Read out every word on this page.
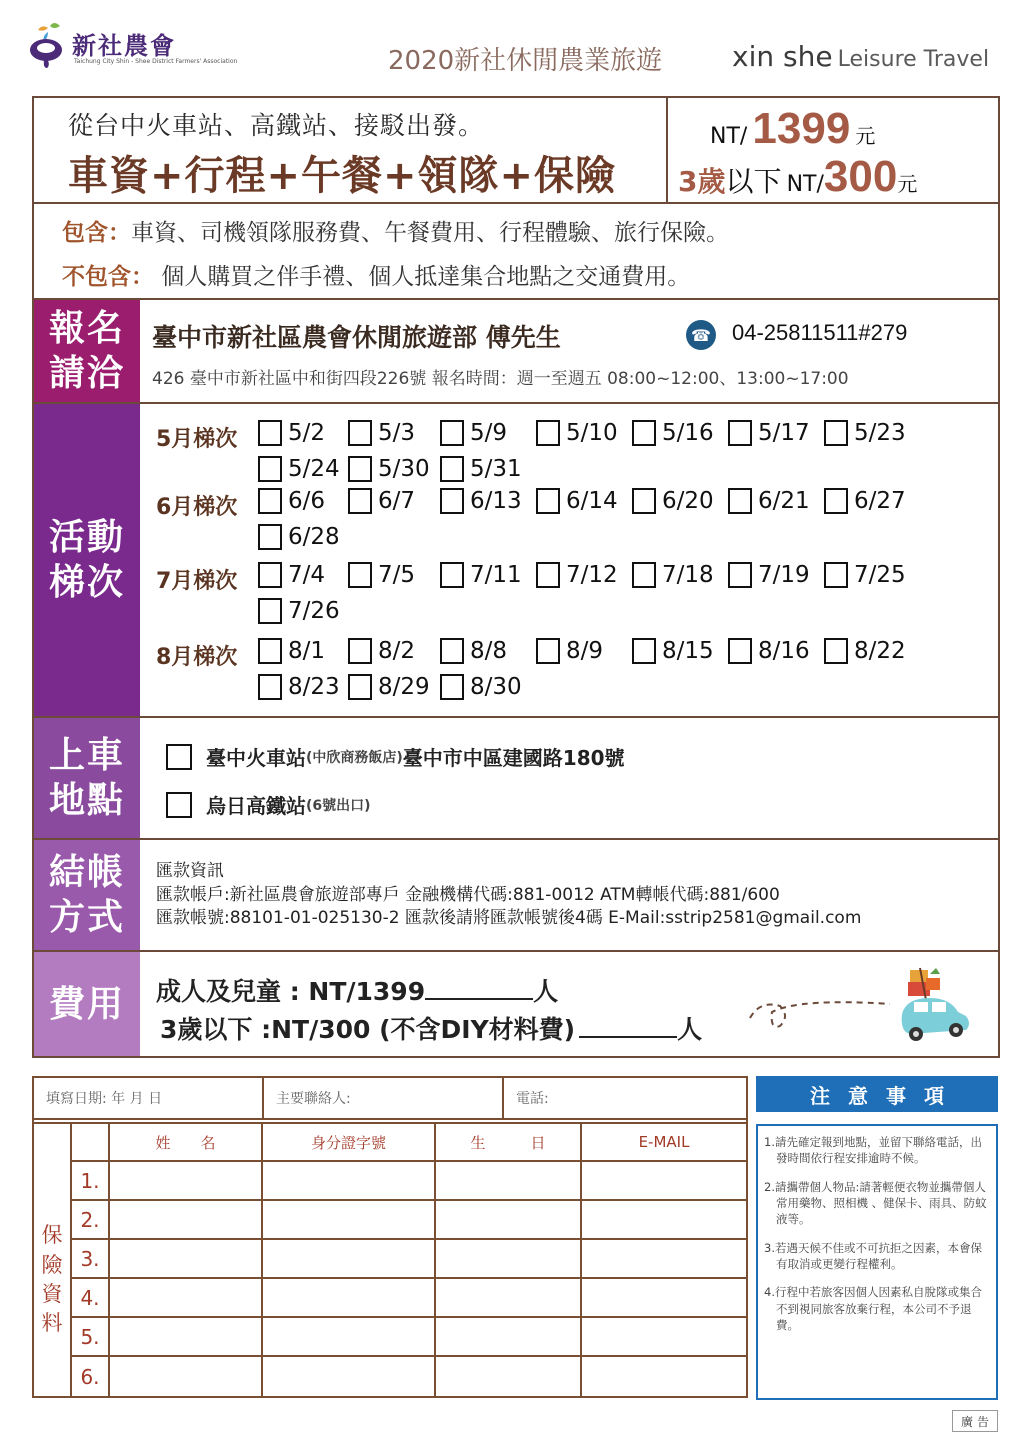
新社農會
Taichung City Shin - Shee District Farmers' Association	2020新社休閒農業旅遊 xin she Leisure Travel
從台中火車站、高鐵站、接駁出發。
車資+行程+午餐+領隊+保險
NT/ 1399 元
3歲以下 NT/300元
包含：車資、司機領隊服務費、午餐費用、行程體驗、旅行保險。
不包含： 個人購買之伴手禮、個人抵達集合地點之交通費用。
報名
請洽
臺中市新社區農會休閒旅遊部 傅先生	☎ 04-25811511#279
426 臺中市新社區中和街四段226號 報名時間：週一至週五 08:00~12:00、13:00~17:00
活動
梯次
5月梯次 5/2 5/3 5/9	5/10 5/16 5/17 5/23
5/24 5/30 5/31
6月梯次 6/6 6/7 6/13 6/14 6/20 6/21 6/27
6/28
7月梯次 7/4 7/5 7/11 7/12 7/18 7/19 7/25
7/26
8月梯次 8/1 8/2 8/8	8/9	8/15 8/16 8/22
8/23 8/29 8/30
上車
地點
臺中火車站 (中欣商務飯店) 臺中市中區建國路180號
烏日高鐵站 (6號出口)
結帳
方式
匯款資訊
匯款帳戶:新社區農會旅遊部專戶 金融機構代碼:881-0012 ATM轉帳代碼:881/600
匯款帳號:88101-01-025130-2 匯款後請將匯款帳號後4碼 E-Mail:sstrip2581@gmail.com
費用 成人及兒童 : NT/1399	人
3歲以下 :NT/300 (不含DIY材料費)	人
填寫日期: 年 月 日	主要聯絡人:	電話:
保
險
資
料
姓　　名	身分證字號	生　　　日	E-MAIL
1.
2.
3.
4.
5.
6.
注意事項
1.請先確定報到地點，並留下聯絡電話，出發時間依行程安排逾時不候。
2.請攜帶個人物品:請著輕便衣物並攜帶個人常用藥物、照相機 、健保卡、雨具、防蚊液等。
3.若遇天候不佳或不可抗拒之因素，本會保有取消或更變行程權利。
4.行程中若旅客因個人因素私自脫隊或集合不到視同旅客放棄行程，本公司不予退費。
廣告
